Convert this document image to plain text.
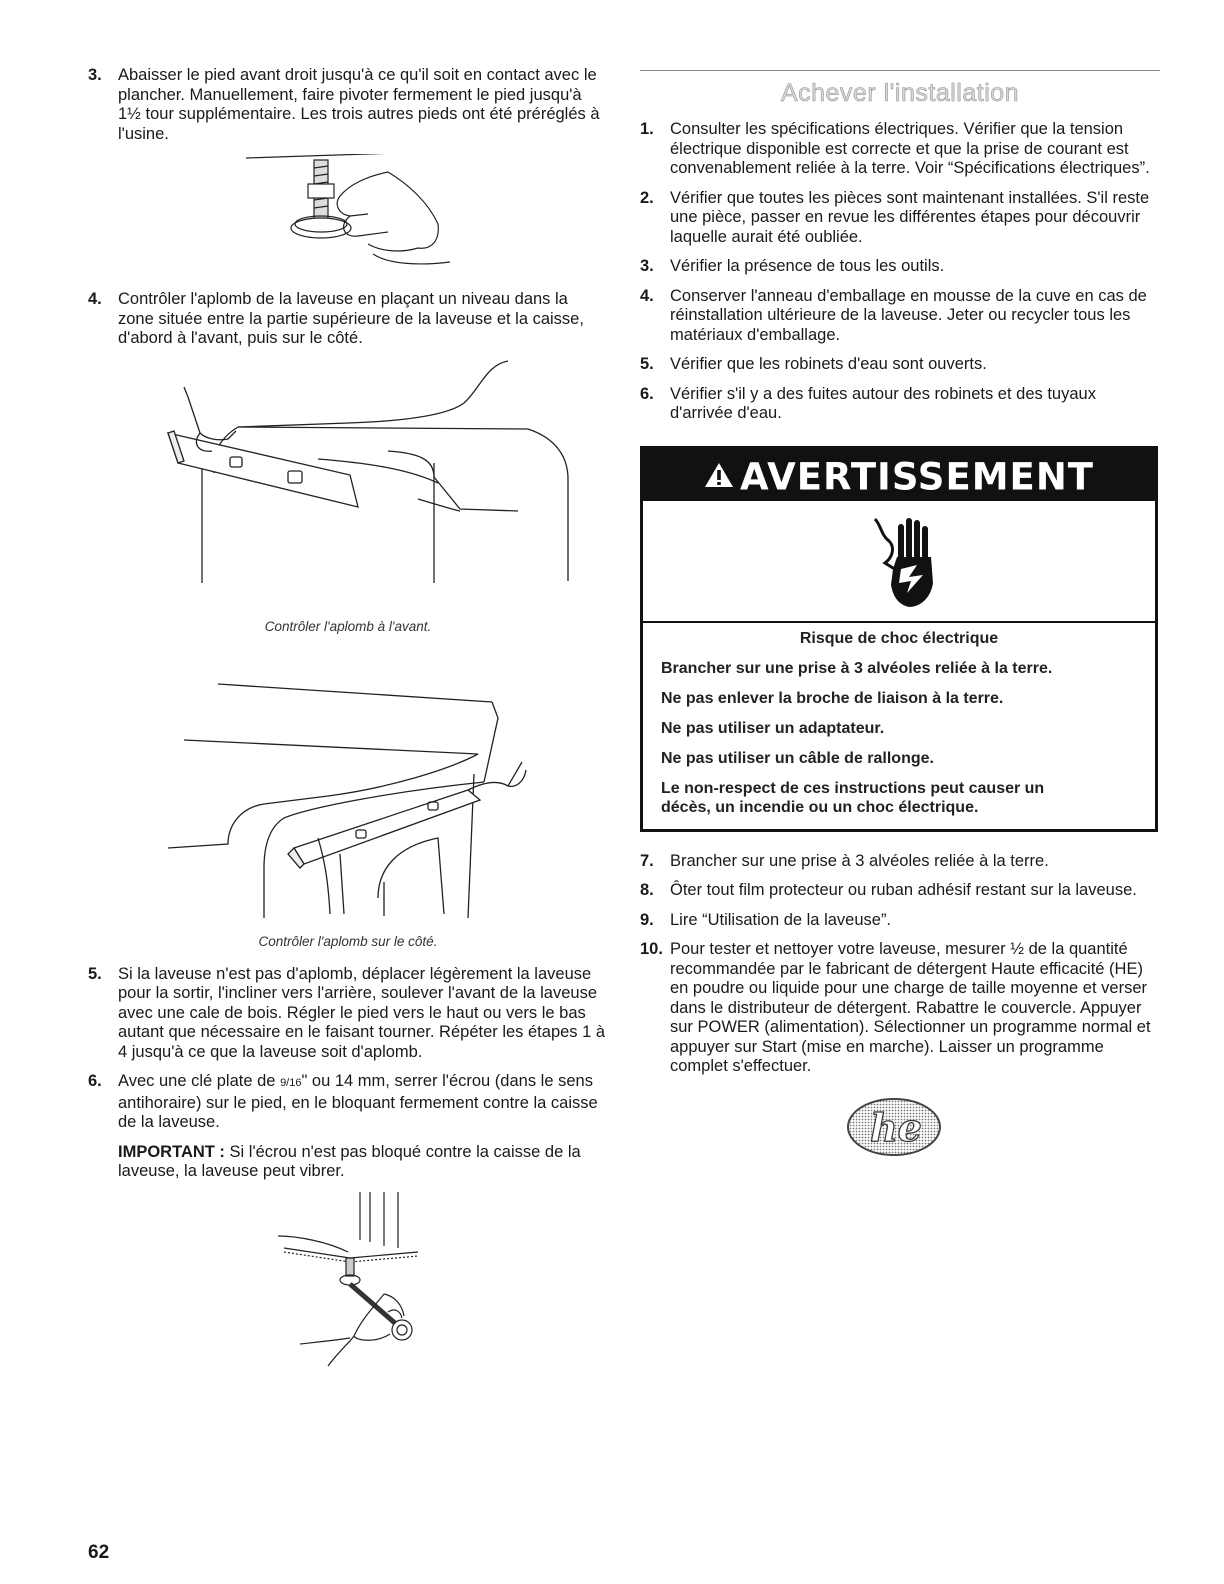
3. Abaisser le pied avant droit jusqu'à ce qu'il soit en contact avec le plancher. Manuellement, faire pivoter fermement le pied jusqu'à 1½ tour supplémentaire. Les trois autres pieds ont été préréglés à l'usine.

4. Contrôler l'aplomb de la laveuse en plaçant un niveau dans la zone située entre la partie supérieure de la laveuse et la caisse, d'abord à l'avant, puis sur le côté.

Contrôler l'aplomb à l'avant.
Contrôler l'aplomb sur le côté.
5. Si la laveuse n'est pas d'aplomb, déplacer légèrement la laveuse pour la sortir, l'incliner vers l'arrière, soulever l'avant de la laveuse avec une cale de bois. Régler le pied vers le haut ou vers le bas autant que nécessaire en le faisant tourner. Répéter les étapes 1 à 4 jusqu'à ce que la laveuse soit d'aplomb.

6. Avec une clé plate de 9/16" ou 14 mm, serrer l'écrou (dans le sens antihoraire) sur le pied, en le bloquant fermement contre la caisse de la laveuse.

IMPORTANT : Si l'écrou n'est pas bloqué contre la caisse de la laveuse, la laveuse peut vibrer.

Achever l'installation
1. Consulter les spécifications électriques. Vérifier que la tension électrique disponible est correcte et que la prise de courant est convenablement reliée à la terre. Voir “Spécifications électriques”.

2. Vérifier que toutes les pièces sont maintenant installées. S'il reste une pièce, passer en revue les différentes étapes pour découvrir laquelle aurait été oubliée.

3. Vérifier la présence de tous les outils.

4. Conserver l'anneau d'emballage en mousse de la cuve en cas de réinstallation ultérieure de la laveuse. Jeter ou recycler tous les matériaux d'emballage.

5. Vérifier que les robinets d'eau sont ouverts.

6. Vérifier s'il y a des fuites autour des robinets et des tuyaux d'arrivée d'eau.

AVERTISSEMENT

Risque de choc électrique

Brancher sur une prise à 3 alvéoles reliée à la terre.

Ne pas enlever la broche de liaison à la terre.

Ne pas utiliser un adaptateur.

Ne pas utiliser un câble de rallonge.

Le non-respect de ces instructions peut causer un décès, un incendie ou un choc électrique.

7. Brancher sur une prise à 3 alvéoles reliée à la terre.

8. Ôter tout film protecteur ou ruban adhésif restant sur la laveuse.

9. Lire “Utilisation de la laveuse”.

10. Pour tester et nettoyer votre laveuse, mesurer ½ de la quantité recommandée par le fabricant de détergent Haute efficacité (HE) en poudre ou liquide pour une charge de taille moyenne et verser dans le distributeur de détergent. Rabattre le couvercle. Appuyer sur POWER (alimentation). Sélectionner un programme normal et appuyer sur Start (mise en marche). Laisser un programme complet s'effectuer.

he
62
